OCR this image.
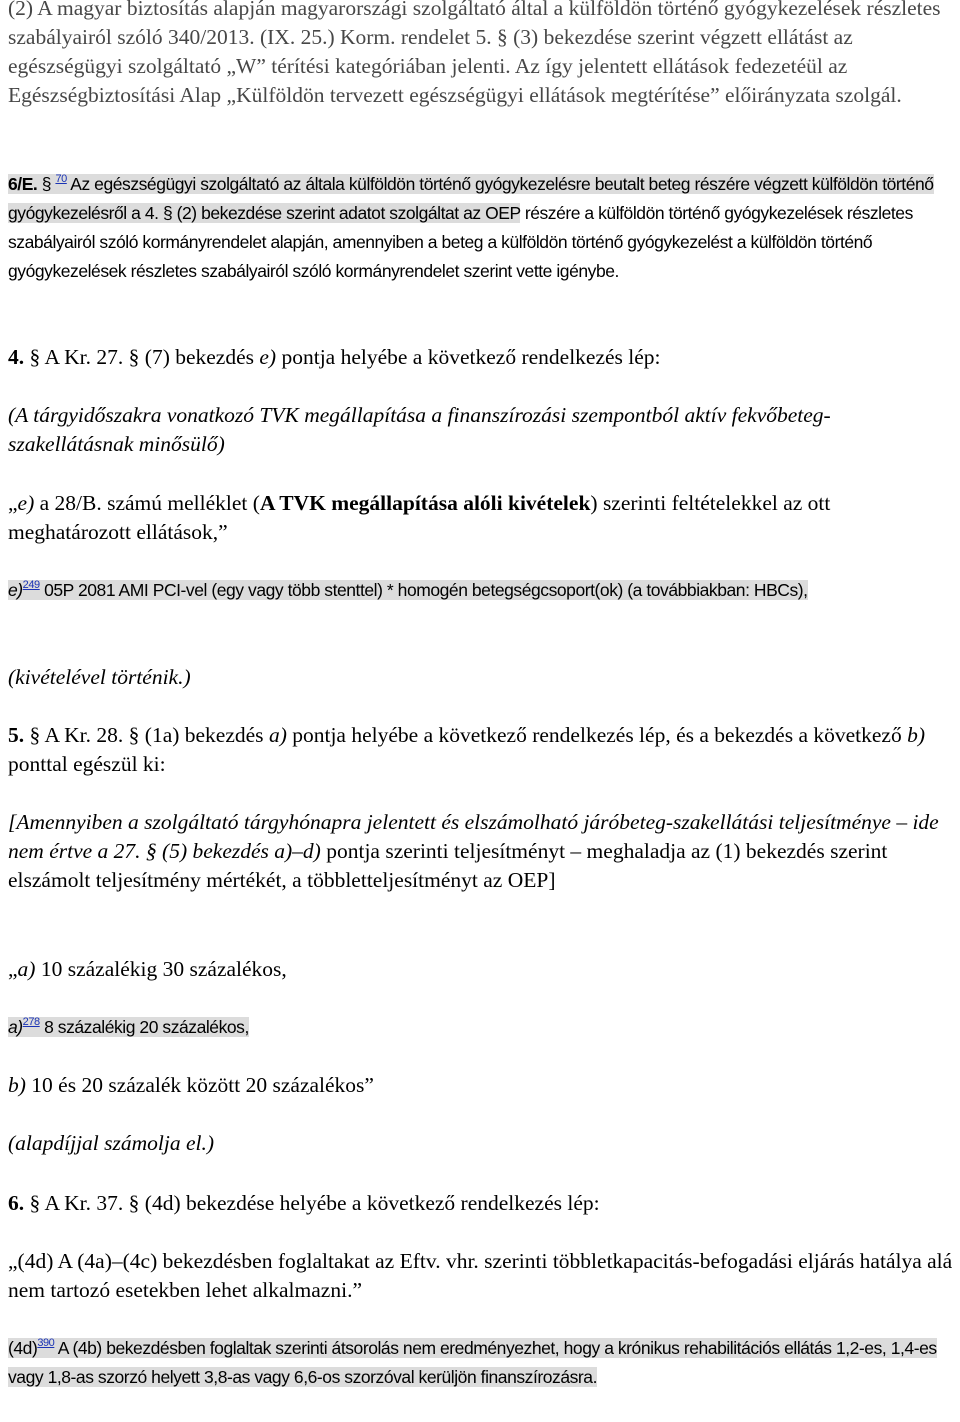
(2) A magyar biztosítás alapján magyarországi szolgáltató által a külföldön történő gyógykezelések részletes szabályairól szóló 340/2013. (IX. 25.) Korm. rendelet 5. § (3) bekezdése szerint végzett ellátást az egészségügyi szolgáltató „W” térítési kategóriában jelenti. Az így jelentett ellátások fedezetéül az Egészségbiztosítási Alap „Külföldön tervezett egészségügyi ellátások megtérítése” előirányzata szolgál.

6/E. § $^{70}$ Az egészségügyi szolgáltató az általa külföldön történő gyógykezelésre beutalt beteg részére végzett külföldön történő gyógykezelésről a 4. § (2) bekezdése szerint adatot szolgáltat az OEP részére a külföldön történő gyógykezelések részletes szabályairól szóló kormányrendelet alapján, amennyiben a beteg a külföldön történő gyógykezelést a külföldön történő gyógykezelések részletes szabályairól szóló kormányrendelet szerint vette igénybe.

4. § A Kr. 27. § (7) bekezdés e) pontja helyébe a következő rendelkezés lép:

(A tárgyidőszakra vonatkozó TVK megállapítása a finanszírozási szempontból aktív fekvőbeteg-szakellátásnak minősülő)

„e) a 28/B. számú melléklet (A TVK megállapítása alóli kivételek) szerinti feltételekkel az ott meghatározott ellátások,”

e)$^{249}$ 05P 2081 AMI PCI-vel (egy vagy több stenttel) * homogén betegségcsoport(ok) (a továbbiakban: HBCs),

(kivételével történik.)

5. § A Kr. 28. § (1a) bekezdés a) pontja helyébe a következő rendelkezés lép, és a bekezdés a következő b) ponttal egészül ki:

[Amennyiben a szolgáltató tárgyhónapra jelentett és elszámolható járóbeteg-szakellátási teljesítménye – ide nem értve a 27. § (5) bekezdés a)–d) pontja szerinti teljesítményt – meghaladja az (1) bekezdés szerint elszámolt teljesítmény mértékét, a többletteljesítményt az OEP]

„a) 10 százalékig 30 százalékos,

a)$^{278}$ 8 százalékig 20 százalékos,

b) 10 és 20 százalék között 20 százalékos”

(alapdíjjal számolja el.)

6. § A Kr. 37. § (4d) bekezdése helyébe a következő rendelkezés lép:

„(4d) A (4a)–(4c) bekezdésben foglaltakat az Eftv. vhr. szerinti többletkapacitás-befogadási eljárás hatálya alá nem tartozó esetekben lehet alkalmazni.”

$(4d)^{390}$ A (4b) bekezdésben foglaltak szerinti átsorolás nem eredményezhet, hogy a krónikus rehabilitációs ellátás 1,2-es, 1,4-es vagy 1,8-as szorzó helyett 3,8-as vagy 6,6-os szorzóval kerüljön finanszírozásra.
